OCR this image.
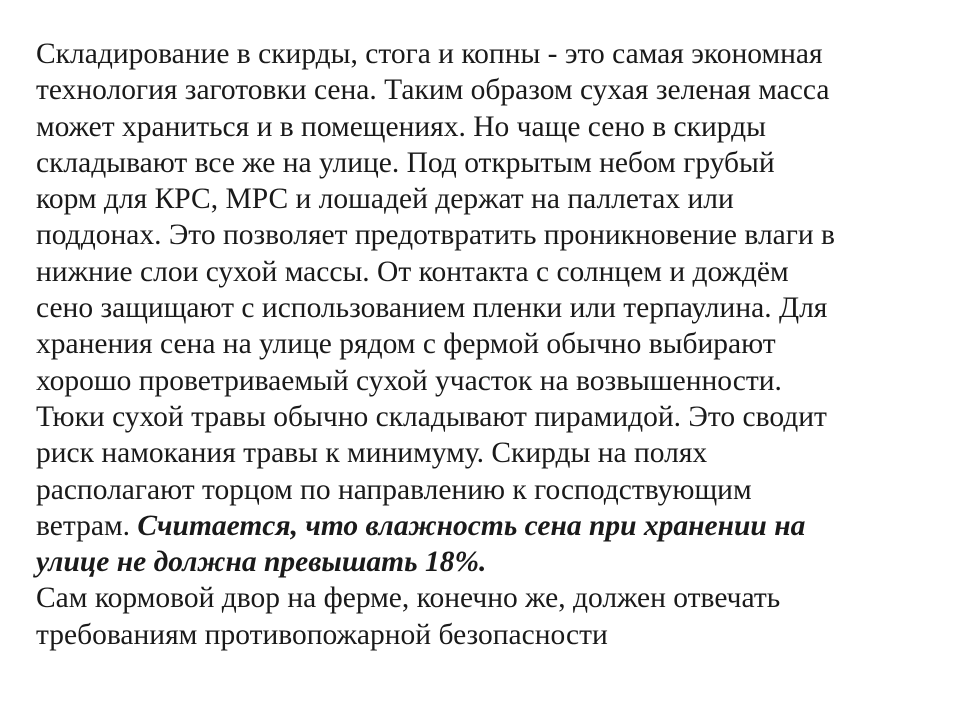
Складирование в скирды, стога и копны - это самая экономная
технология заготовки сена. Таким образом сухая зеленая масса
может храниться и в помещениях. Но чаще сено в скирды
складывают все же на улице. Под открытым небом грубый
корм для КРС, МРС и лошадей держат на паллетах или
поддонах. Это позволяет предотвратить проникновение влаги в
нижние слои сухой массы. От контакта с солнцем и дождём
сено защищают с использованием пленки или терпаулина. Для
хранения сена на улице рядом с фермой обычно выбирают
хорошо проветриваемый сухой участок на возвышенности.
Тюки сухой травы обычно складывают пирамидой. Это сводит
риск намокания травы к минимуму. Скирды на полях
располагают торцом по направлению к господствующим
ветрам. Считается, что влажность сена при хранении на
улице не должна превышать 18%.
Сам кормовой двор на ферме, конечно же, должен отвечать
требованиям противопожарной безопасности
